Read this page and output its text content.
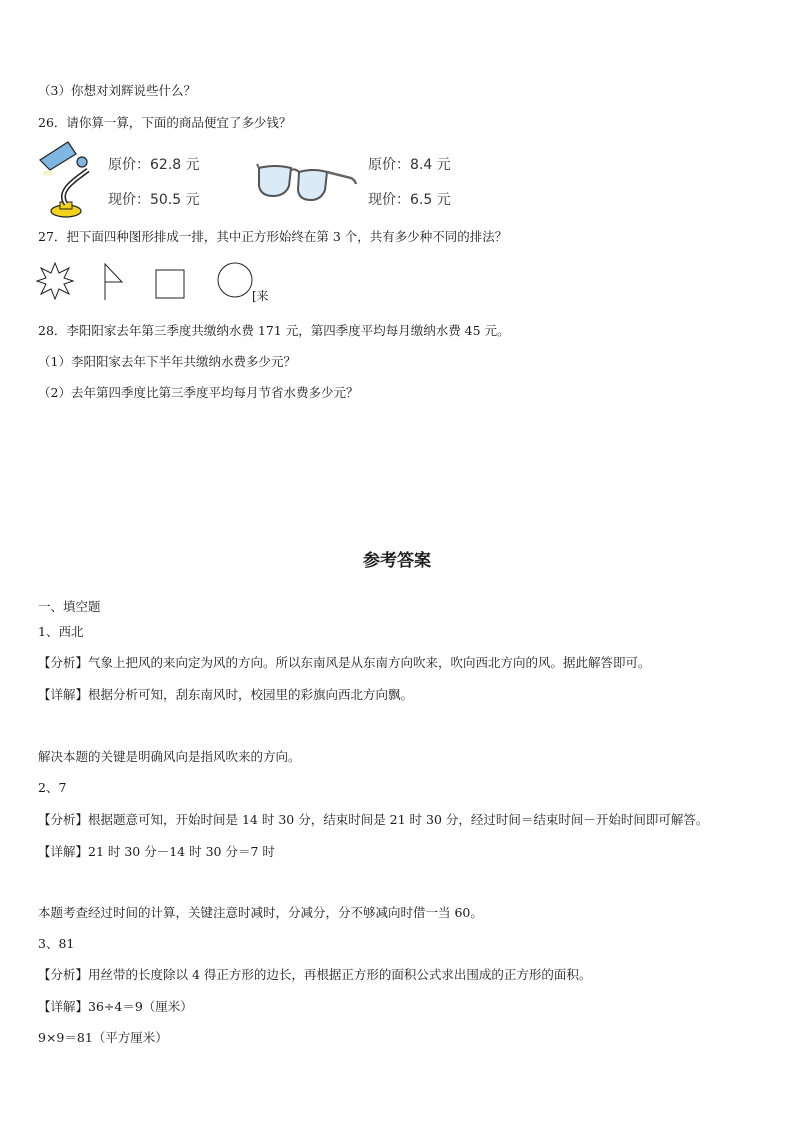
（3）你想对刘辉说些什么？
26．请你算一算，下面的商品便宜了多少钱？
原价：62.8 元
现价：50.5 元
原价：8.4 元
现价：6.5 元
27．把下面四种图形排成一排，其中正方形始终在第 3 个，共有多少种不同的排法？
[来
28．李阳阳家去年第三季度共缴纳水费 171 元，第四季度平均每月缴纳水费 45 元。
（1）李阳阳家去年下半年共缴纳水费多少元？
（2）去年第四季度比第三季度平均每月节省水费多少元？
参考答案
一、填空题
1、西北
【分析】气象上把风的来向定为风的方向。所以东南风是从东南方向吹来，吹向西北方向的风。据此解答即可。
【详解】根据分析可知，刮东南风时，校园里的彩旗向西北方向飘。
解决本题的关键是明确风向是指风吹来的方向。
2、7
【分析】根据题意可知，开始时间是 14 时 30 分，结束时间是 21 时 30 分，经过时间＝结束时间－开始时间即可解答。
【详解】21 时 30 分－14 时 30 分＝7 时
本题考查经过时间的计算，关键注意时减时，分减分，分不够减向时借一当 60。
3、81
【分析】用丝带的长度除以 4 得正方形的边长，再根据正方形的面积公式求出围成的正方形的面积。
【详解】36÷4＝9（厘米）
9×9＝81（平方厘米）
